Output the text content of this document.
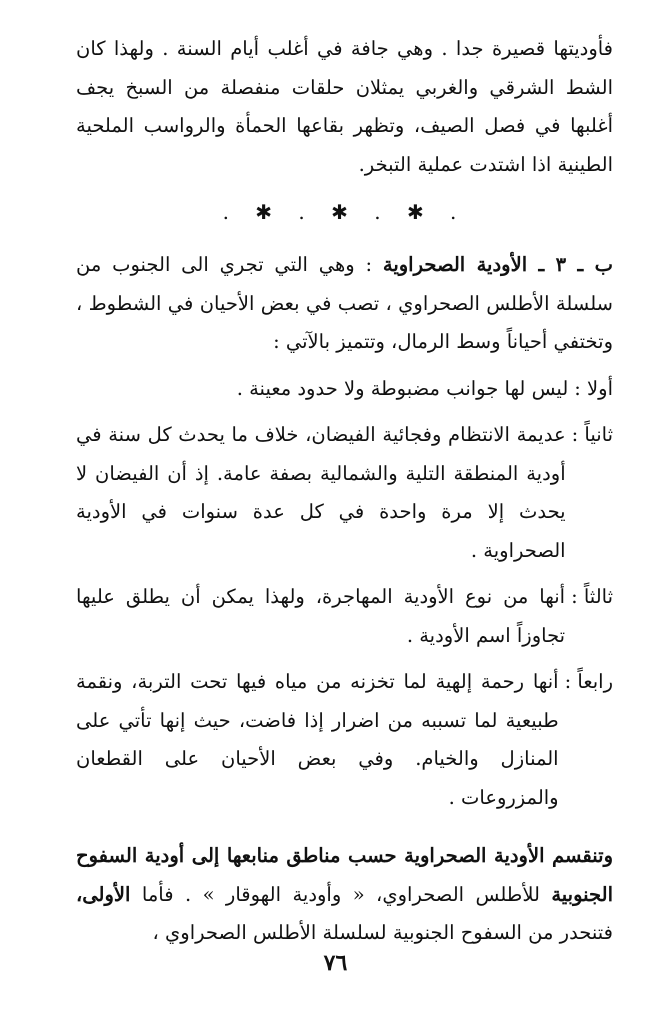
فأوديتها قصيرة جدا . وهي جافة في أغلب أيام السنة . ولهذا كان الشط الشرقي والغربي يمثلان حلقات منفصلة من السبخ يجف أغلبها في فصل الصيف، وتظهر بقاعها الحمأة والرواسب الملحية الطينية اذا اشتدت عملية التبخر.

. ✱ . ✱ . ✱ .

ب ـ ٣ ـ الأودية الصحراوية : وهي التي تجري الى الجنوب من سلسلة الأطلس الصحراوي ، تصب في بعض الأحيان في الشطوط ، وتختفي أحياناً وسط الرمال، وتتميز بالآتي :

أولا :
ليس لها جوانب مضبوطة ولا حدود معينة .
ثانياً :
عديمة الانتظام وفجائية الفيضان، خلاف ما يحدث كل سنة في أودية المنطقة التلية والشمالية بصفة عامة. إذ أن الفيضان لا يحدث إلا مرة واحدة في كل عدة سنوات في الأودية الصحراوية .
ثالثاً :
أنها من نوع الأودية المهاجرة، ولهذا يمكن أن يطلق عليها تجاوزاً اسم الأودية .
رابعاً :
أنها رحمة إلهية لما تخزنه من مياه فيها تحت التربة، ونقمة طبيعية لما تسببه من اضرار إذا فاضت، حيث إنها تأتي على المنازل والخيام. وفي بعض الأحيان على القطعان والمزروعات .

وتنقسم الأودية الصحراوية حسب مناطق منابعها إلى أودية السفوح الجنوبية للأطلس الصحراوي، « وأودية الهوقار » . فأما الأولى، فتنحدر من السفوح الجنوبية لسلسلة الأطلس الصحراوي ،

٧٦
